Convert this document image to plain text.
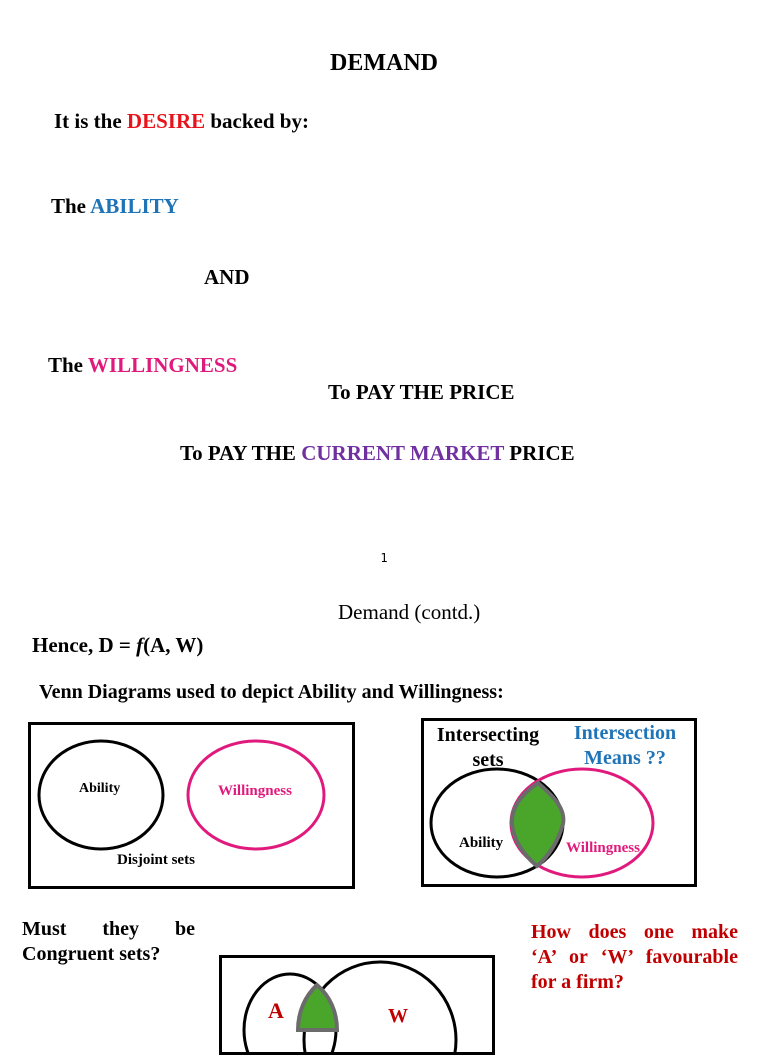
DEMAND
It is the DESIRE backed by:
The ABILITY
AND
The WILLINGNESS
To PAY THE PRICE
To PAY THE CURRENT MARKET PRICE
1
Demand (contd.)
Hence, D = f(A, W)
Venn Diagrams used to depict Ability and Willingness:
Ability	Willingness
Disjoint sets
Intersecting
sets
Intersection
Means ??
Ability	Willingness
Must they be
Congruent sets?
A	W
How does one make
‘A’ or ‘W’ favourable
for a firm?
